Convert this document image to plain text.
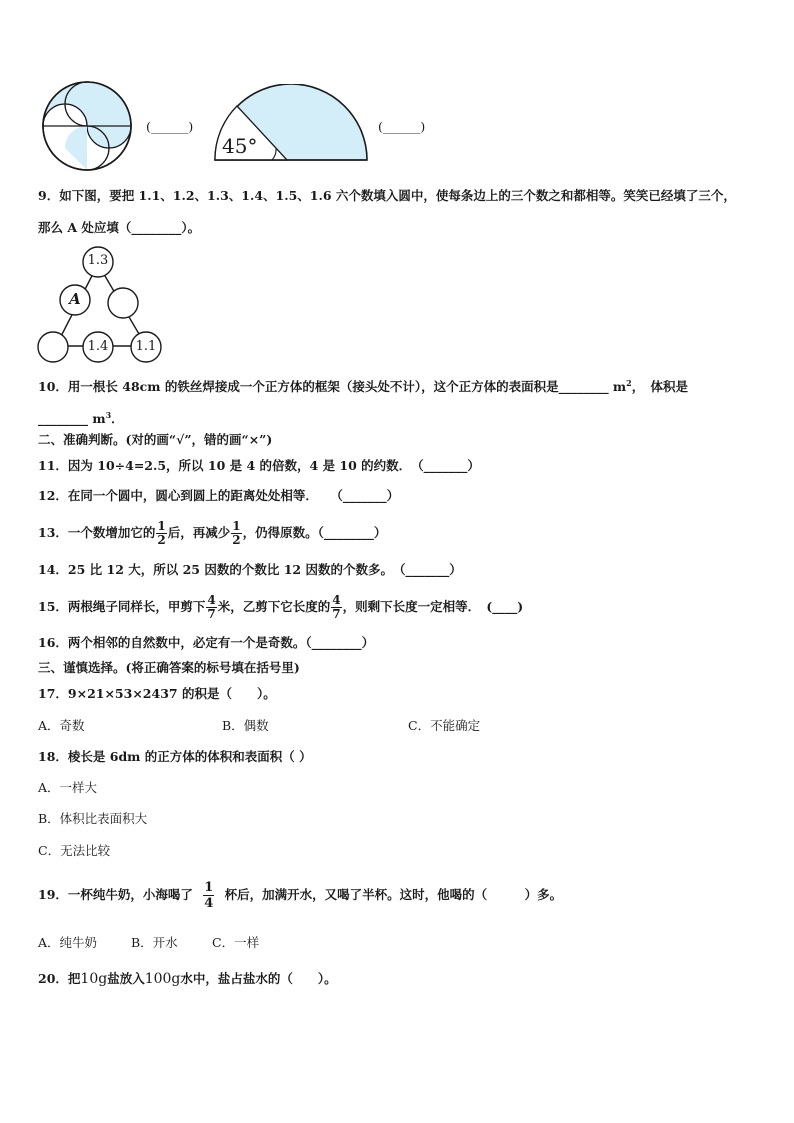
(______)
45°
(______)
9．如下图，要把 1.1、1.2、1.3、1.4、1.5、1.6 六个数填入圆中，使每条边上的三个数之和都相等。笑笑已经填了三个，
那么 A 处应填（________）。
1.3
A
1.4 1.1
10．用一根长 48cm 的铁丝焊接成一个正方体的框架（接头处不计），这个正方体的表面积是________ $m^2$，　体积是
________ $m^3$．
二、准确判断。(对的画“√”，错的画“×”)
11．因为 10÷4=2.5，所以 10 是 4 的倍数，4 是 10 的约数．　（_______）
12．在同一个圆中，圆心到圆上的距离处处相等．　　（_______）
13．一个数增加它的 $\frac{1}{2}$ 后，再减少 $\frac{1}{2}$ ，仍得原数。（________）
14．25 比 12 大，所以 25 因数的个数比 12 因数的个数多。　（_______）
15．两根绳子同样长，甲剪下 $\frac{4}{7}$ 米，乙剪下它长度的 $\frac{4}{7}$ ，则剩下长度一定相等．　(____)
16．两个相邻的自然数中，必定有一个是奇数。（________）
三、谨慎选择。(将正确答案的标号填在括号里)
17．9×21×53×2437 的积是（　　）。
A．奇数	B．偶数	C．不能确定
18．棱长是 6dm 的正方体的体积和表面积（ ）
A．一样大
B．体积比表面积大
C．无法比较
19．一杯纯牛奶，小海喝了 $\frac{1}{4}$ 杯后，加满开水，又喝了半杯。这时，他喝的（　　　）多。
A．纯牛奶	B．开水	C．一样
20．把10g盐放入100g水中，盐占盐水的（　　）。
